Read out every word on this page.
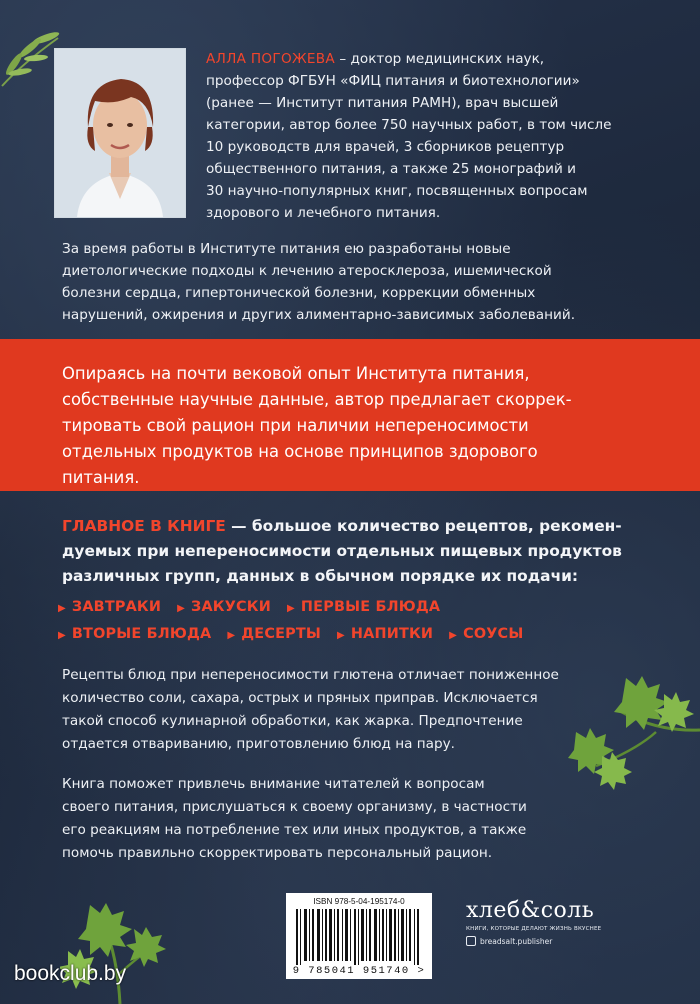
АЛЛА ПОГОЖЕВА – доктор медицинских наук,
профессор ФГБУН «ФИЦ питания и биотехнологии»
(ранее — Институт питания РАМН), врач высшей
категории, автор более 750 научных работ, в том числе
10 руководств для врачей, 3 сборников рецептур
общественного питания, а также 25 монографий и
30 научно-популярных книг, посвященных вопросам
здорового и лечебного питания.

За время работы в Институте питания ею разработаны новые
диетологические подходы к лечению атеросклероза, ишемической
болезни сердца, гипертонической болезни, коррекции обменных
нарушений, ожирения и других алиментарно-зависимых заболеваний.

Опираясь на почти вековой опыт Института питания,
собственные научные данные, автор предлагает скоррек-
тировать свой рацион при наличии непереносимости
отдельных продуктов на основе принципов здорового
питания.

ГЛАВНОЕ В КНИГЕ — большое количество рецептов, рекомен-
дуемых при непереносимости отдельных пищевых продуктов
различных групп, данных в обычном порядке их подачи:

▶ ЗАВТРАКИ ▶ ЗАКУСКИ ▶ ПЕРВЫЕ БЛЮДА
▶ ВТОРЫЕ БЛЮДА ▶ ДЕСЕРТЫ ▶ НАПИТКИ ▶ СОУСЫ

Рецепты блюд при непереносимости глютена отличает пониженное
количество соли, сахара, острых и пряных приправ. Исключается
такой способ кулинарной обработки, как жарка. Предпочтение
отдается отвариванию, приготовлению блюд на пару.

Книга поможет привлечь внимание читателей к вопросам
своего питания, прислушаться к своему организму, в частности
его реакциям на потребление тех или иных продуктов, а также
помочь правильно скорректировать персональный рацион.

ISBN 978-5-04-195174-0
9 785041 951740 >
хлеб&соль
КНИГИ, КОТОРЫЕ ДЕЛАЮТ ЖИЗНЬ ВКУСНЕЕ
breadsalt.publisher
bookclub.by
